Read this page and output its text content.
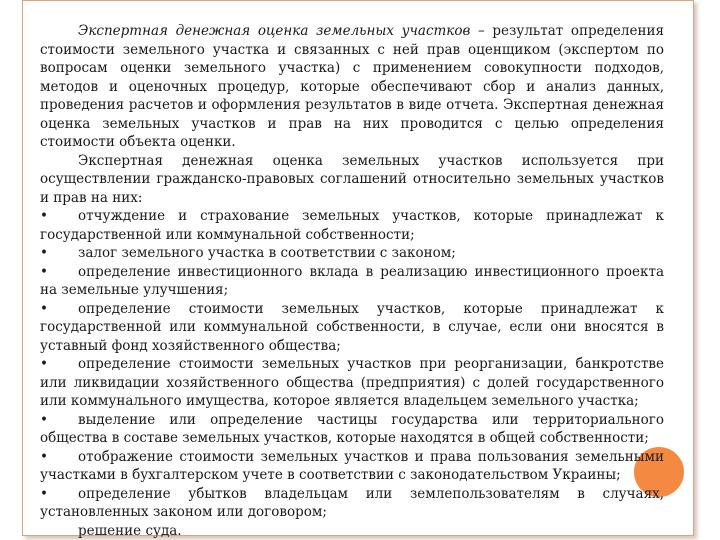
Экспертная денежная оценка земельных участков – результат определения стоимости земельного участка и связанных с ней прав оценщиком (экспертом по вопросам оценки земельного участка) с применением совокупности подходов, методов и оценочных процедур, которые обеспечивают сбор и анализ данных, проведения расчетов и оформления результатов в виде отчета. Экспертная денежная оценка земельных участков и прав на них проводится с целью определения стоимости объекта оценки.

Экспертная денежная оценка земельных участков используется при осуществлении гражданско-правовых соглашений относительно земельных участков и прав на них:

• отчуждение и страхование земельных участков, которые принадлежат к государственной или коммунальной собственности;

• залог земельного участка в соответствии с законом;

• определение инвестиционного вклада в реализацию инвестиционного проекта на земельные улучшения;

• определение стоимости земельных участков, которые принадлежат к государственной или коммунальной собственности, в случае, если они вносятся в уставный фонд хозяйственного общества;

• определение стоимости земельных участков при реорганизации, банкротстве или ликвидации хозяйственного общества (предприятия) с долей государственного или коммунального имущества, которое является владельцем земельного участка;

• выделение или определение частицы государства или территориального общества в составе земельных участков, которые находятся в общей собственности;

• отображение стоимости земельных участков и права пользования земельными участками в бухгалтерском учете в соответствии с законодательством Украины;

• определение убытков владельцам или землепользователям в случаях, установленных законом или договором;

решение суда.
